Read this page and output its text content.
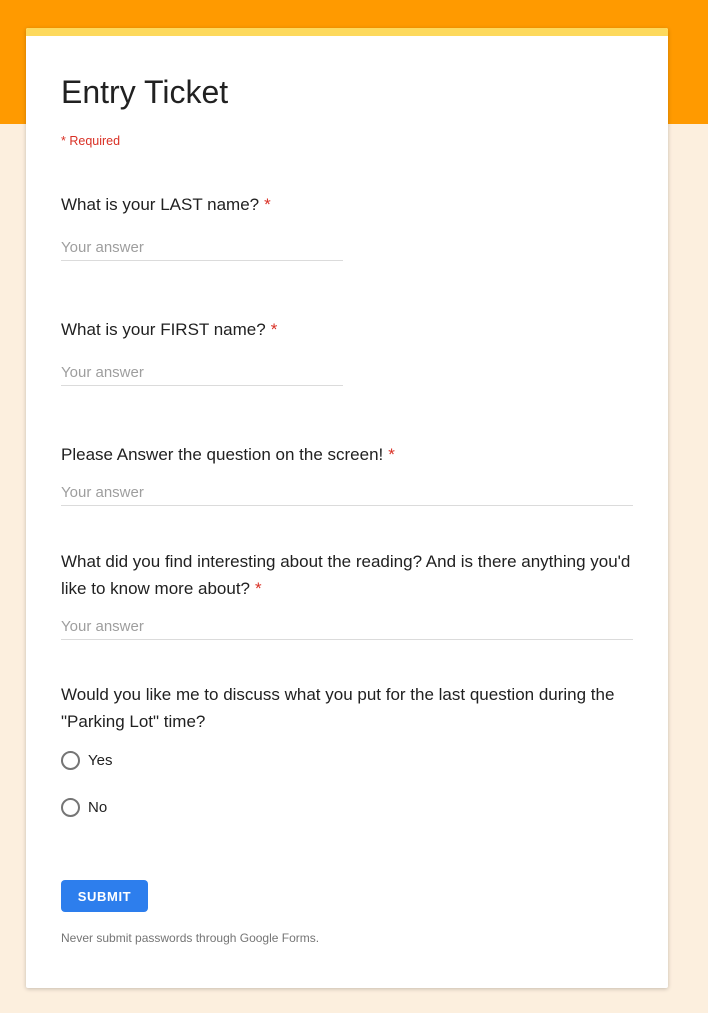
Entry Ticket
* Required
What is your LAST name? *
Your answer
What is your FIRST name? *
Your answer
Please Answer the question on the screen! *
Your answer
What did you find interesting about the reading? And is there anything you'd like to know more about? *
Your answer
Would you like me to discuss what you put for the last question during the "Parking Lot" time?
Yes
No
SUBMIT
Never submit passwords through Google Forms.
